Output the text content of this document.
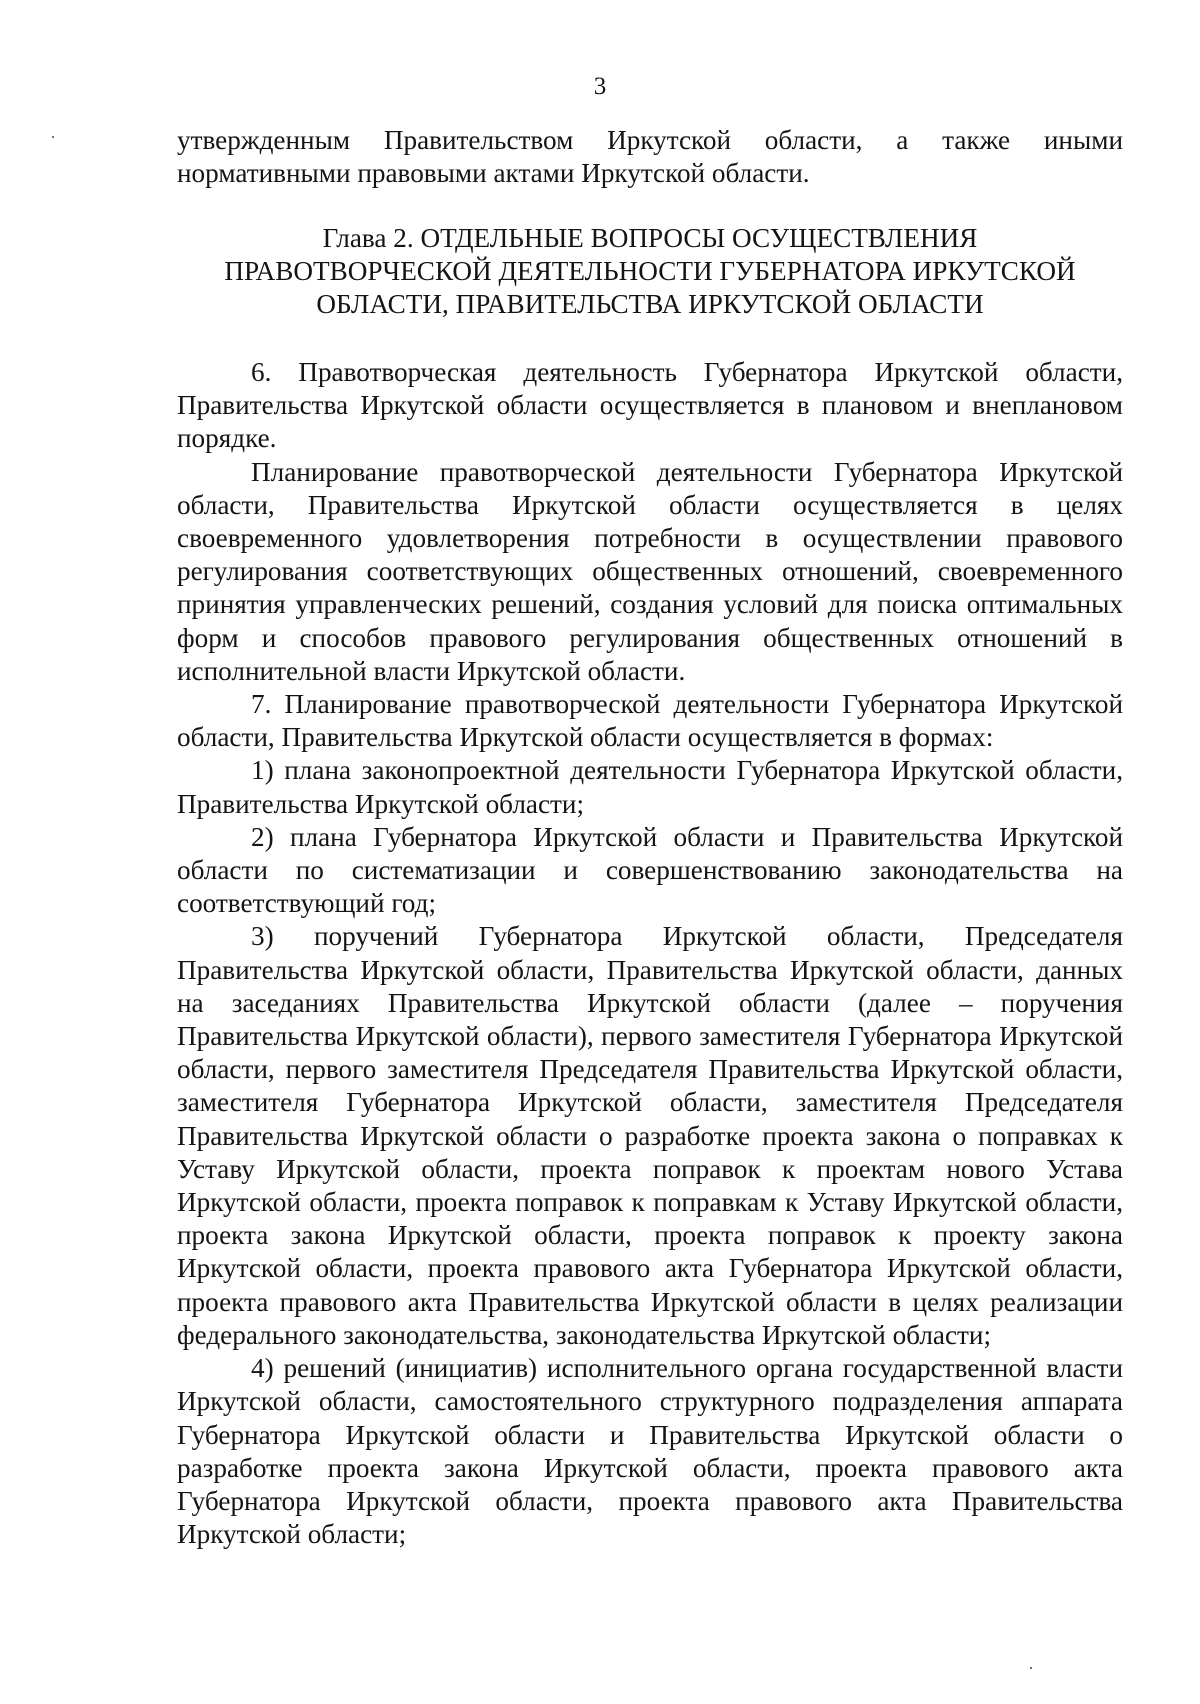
3

утвержденным Правительством Иркутской области, а также иными нормативными правовыми актами Иркутской области.

Глава 2. ОТДЕЛЬНЫЕ ВОПРОСЫ ОСУЩЕСТВЛЕНИЯ
ПРАВОТВОРЧЕСКОЙ ДЕЯТЕЛЬНОСТИ ГУБЕРНАТОРА ИРКУТСКОЙ
ОБЛАСТИ, ПРАВИТЕЛЬСТВА ИРКУТСКОЙ ОБЛАСТИ

6. Правотворческая деятельность Губернатора Иркутской области, Правительства Иркутской области осуществляется в плановом и внеплановом порядке.

Планирование правотворческой деятельности Губернатора Иркутской области, Правительства Иркутской области осуществляется в целях своевременного удовлетворения потребности в осуществлении правового регулирования соответствующих общественных отношений, своевременного принятия управленческих решений, создания условий для поиска оптимальных форм и способов правового регулирования общественных отношений в исполнительной власти Иркутской области.

7. Планирование правотворческой деятельности Губернатора Иркутской области, Правительства Иркутской области осуществляется в формах:

1) плана законопроектной деятельности Губернатора Иркутской области, Правительства Иркутской области;

2) плана Губернатора Иркутской области и Правительства Иркутской области по систематизации и совершенствованию законодательства на соответствующий год;

3) поручений Губернатора Иркутской области, Председателя Правительства Иркутской области, Правительства Иркутской области, данных на заседаниях Правительства Иркутской области (далее – поручения Правительства Иркутской области), первого заместителя Губернатора Иркутской области, первого заместителя Председателя Правительства Иркутской области, заместителя Губернатора Иркутской области, заместителя Председателя Правительства Иркутской области о разработке проекта закона о поправках к Уставу Иркутской области, проекта поправок к проектам нового Устава Иркутской области, проекта поправок к поправкам к Уставу Иркутской области, проекта закона Иркутской области, проекта поправок к проекту закона Иркутской области, проекта правового акта Губернатора Иркутской области, проекта правового акта Правительства Иркутской области в целях реализации федерального законодательства, законодательства Иркутской области;

4) решений (инициатив) исполнительного органа государственной власти Иркутской области, самостоятельного структурного подразделения аппарата Губернатора Иркутской области и Правительства Иркутской области о разработке проекта закона Иркутской области, проекта правового акта Губернатора Иркутской области, проекта правового акта Правительства Иркутской области;
